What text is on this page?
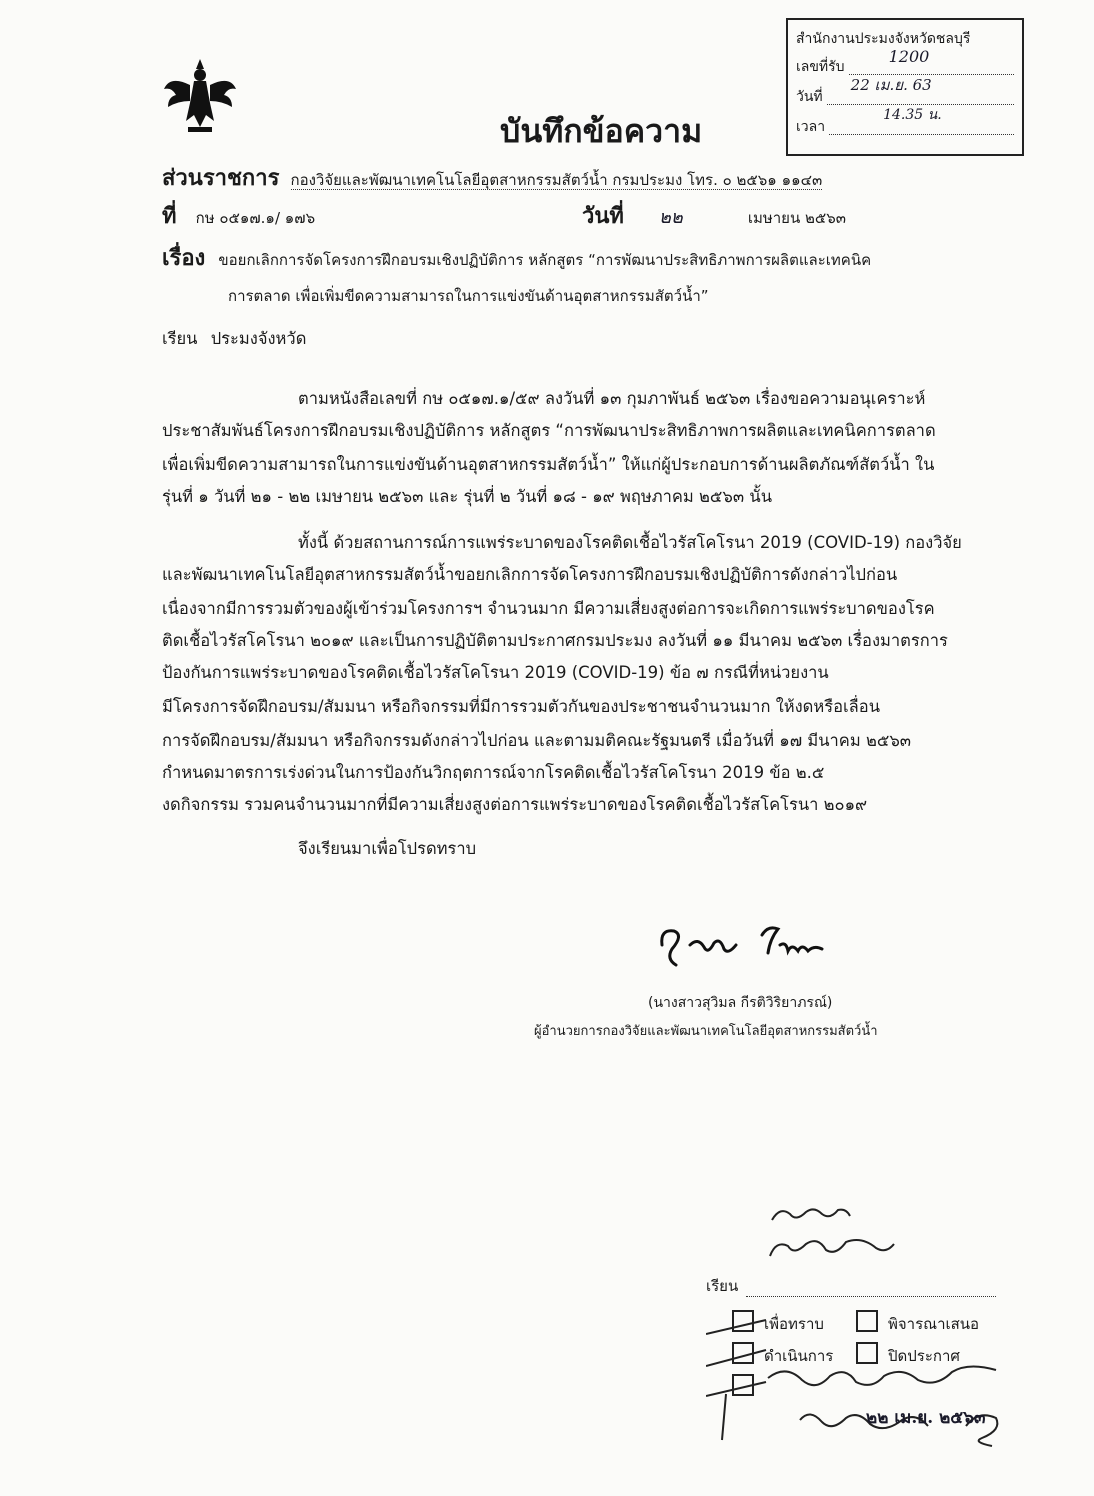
สำนักงานประมงจังหวัดชลบุรี
เลขที่รับ
1200
วันที่
22 เม.ย. 63
เวลา
14.35 น.
บันทึกข้อความ
ส่วนราชการ กองวิจัยและพัฒนาเทคโนโลยีอุตสาหกรรมสัตว์น้ำ กรมประมง โทร. ๐ ๒๕๖๑ ๑๑๔๓
ที่ กษ ๐๕๑๗.๑/ ๑๗๖	วันที่ ๒๒	เมษายน ๒๕๖๓
เรื่อง ขอยกเลิกการจัดโครงการฝึกอบรมเชิงปฏิบัติการ หลักสูตร “การพัฒนาประสิทธิภาพการผลิตและเทคนิค
การตลาด เพื่อเพิ่มขีดความสามารถในการแข่งขันด้านอุตสาหกรรมสัตว์น้ำ”
เรียน ประมงจังหวัด
ตามหนังสือเลขที่ กษ ๐๕๑๗.๑/๕๙ ลงวันที่ ๑๓ กุมภาพันธ์ ๒๕๖๓ เรื่องขอความอนุเคราะห์
ประชาสัมพันธ์โครงการฝึกอบรมเชิงปฏิบัติการ หลักสูตร “การพัฒนาประสิทธิภาพการผลิตและเทคนิคการตลาด
เพื่อเพิ่มขีดความสามารถในการแข่งขันด้านอุตสาหกรรมสัตว์น้ำ” ให้แก่ผู้ประกอบการด้านผลิตภัณฑ์สัตว์น้ำ ใน
รุ่นที่ ๑ วันที่ ๒๑ - ๒๒ เมษายน ๒๕๖๓ และ รุ่นที่ ๒ วันที่ ๑๘ - ๑๙ พฤษภาคม ๒๕๖๓ นั้น
ทั้งนี้ ด้วยสถานการณ์การแพร่ระบาดของโรคติดเชื้อไวรัสโคโรนา 2019 (COVID-19) กองวิจัย
และพัฒนาเทคโนโลยีอุตสาหกรรมสัตว์น้ำขอยกเลิกการจัดโครงการฝึกอบรมเชิงปฏิบัติการดังกล่าวไปก่อน
เนื่องจากมีการรวมตัวของผู้เข้าร่วมโครงการฯ จำนวนมาก มีความเสี่ยงสูงต่อการจะเกิดการแพร่ระบาดของโรค
ติดเชื้อไวรัสโคโรนา ๒๐๑๙ และเป็นการปฏิบัติตามประกาศกรมประมง ลงวันที่ ๑๑ มีนาคม ๒๕๖๓ เรื่องมาตรการ
ป้องกันการแพร่ระบาดของโรคติดเชื้อไวรัสโคโรนา 2019 (COVID-19) ข้อ ๗ กรณีที่หน่วยงาน
มีโครงการจัดฝึกอบรม/สัมมนา หรือกิจกรรมที่มีการรวมตัวกันของประชาชนจำนวนมาก ให้งดหรือเลื่อน
การจัดฝึกอบรม/สัมมนา หรือกิจกรรมดังกล่าวไปก่อน และตามมติคณะรัฐมนตรี เมื่อวันที่ ๑๗ มีนาคม ๒๕๖๓
กำหนดมาตรการเร่งด่วนในการป้องกันวิกฤตการณ์จากโรคติดเชื้อไวรัสโคโรนา 2019 ข้อ ๒.๕
งดกิจกรรม รวมคนจำนวนมากที่มีความเสี่ยงสูงต่อการแพร่ระบาดของโรคติดเชื้อไวรัสโคโรนา ๒๐๑๙
จึงเรียนมาเพื่อโปรดทราบ
(นางสาวสุวิมล กีรติวิริยาภรณ์)
ผู้อำนวยการกองวิจัยและพัฒนาเทคโนโลยีอุตสาหกรรมสัตว์น้ำ
เรียน
เพื่อทราบ	พิจารณาเสนอ
ดำเนินการ	ปิดประกาศ
๒๒ เม.ย. ๒๕๖๓
